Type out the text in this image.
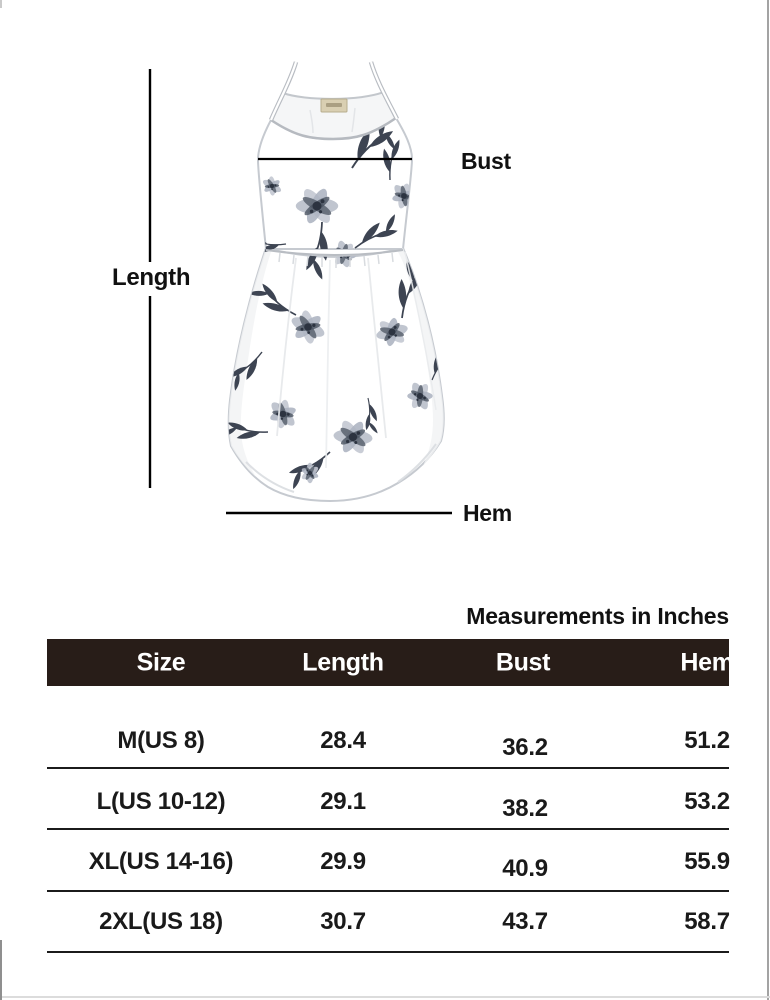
Length
Bust
Hem
Measurements in Inches
Size	Length	Bust	Hem
M(US 8)	28.4	36.2	51.2
L(US 10-12)	29.1	38.2	53.2
XL(US 14-16)	29.9	40.9	55.9
2XL(US 18)	30.7	43.7	58.7
